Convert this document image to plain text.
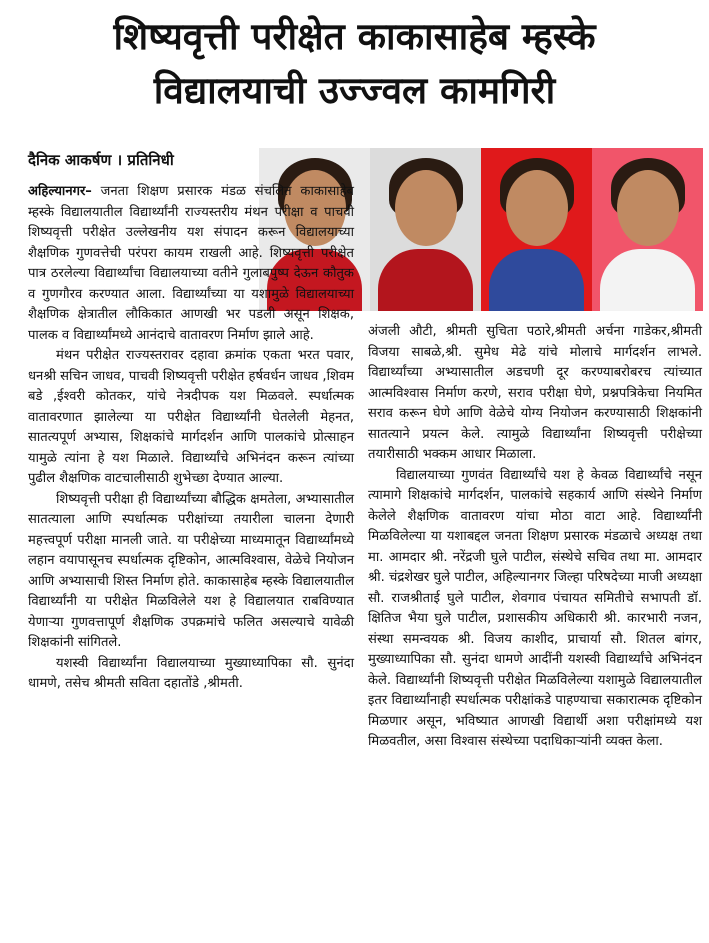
शिष्यवृत्ती परीक्षेत काकासाहेब म्हस्के
विद्यालयाची उज्ज्वल कामगिरी
दैनिक आकर्षण । प्रतिनिधी

अहिल्यानगर– जनता शिक्षण प्रसारक मंडळ संचलित काकासाहेब म्हस्के विद्यालयातील विद्यार्थ्यांनी राज्यस्तरीय मंथन परीक्षा व पाचवी शिष्यवृत्ती परीक्षेत उल्लेखनीय यश संपादन करून विद्यालयाच्या शैक्षणिक गुणवत्तेची परंपरा कायम राखली आहे. शिष्यवृत्ती परीक्षेत पात्र ठरलेल्या विद्यार्थ्यांचा विद्यालयाच्या वतीने गुलाबपुष्प देऊन कौतुक व गुणगौरव करण्यात आला. विद्यार्थ्यांच्या या यशामुळे विद्यालयाच्या शैक्षणिक क्षेत्रातील लौकिकात आणखी भर पडली असून शिक्षक, पालक व विद्यार्थ्यांमध्ये आनंदाचे वातावरण निर्माण झाले आहे.

मंथन परीक्षेत राज्यस्तरावर दहावा क्रमांक एकता भरत पवार, धनश्री सचिन जाधव, पाचवी शिष्यवृत्ती परीक्षेत हर्षवर्धन जाधव ,शिवम बडे ,ईश्वरी कोतकर, यांचे नेत्रदीपक यश मिळवले. स्पर्धात्मक वातावरणात झालेल्या या परीक्षेत विद्यार्थ्यांनी घेतलेली मेहनत, सातत्यपूर्ण अभ्यास, शिक्षकांचे मार्गदर्शन आणि पालकांचे प्रोत्साहन यामुळे त्यांना हे यश मिळाले. विद्यार्थ्यांचे अभिनंदन करून त्यांच्या पुढील शैक्षणिक वाटचालीसाठी शुभेच्छा देण्यात आल्या.

शिष्यवृत्ती परीक्षा ही विद्यार्थ्यांच्या बौद्धिक क्षमतेला, अभ्यासातील सातत्याला आणि स्पर्धात्मक परीक्षांच्या तयारीला चालना देणारी महत्त्वपूर्ण परीक्षा मानली जाते. या परीक्षेच्या माध्यमातून विद्यार्थ्यांमध्ये लहान वयापासूनच स्पर्धात्मक दृष्टिकोन, आत्मविश्वास, वेळेचे नियोजन आणि अभ्यासाची शिस्त निर्माण होते. काकासाहेब म्हस्के विद्यालयातील विद्यार्थ्यांनी या परीक्षेत मिळविलेले यश हे विद्यालयात राबविण्यात येणाऱ्या गुणवत्तापूर्ण शैक्षणिक उपक्रमांचे फलित असल्याचे यावेळी शिक्षकांनी सांगितले.

यशस्वी विद्यार्थ्यांना विद्यालयाच्या मुख्याध्यापिका सौ. सुनंदा धामणे, तसेच श्रीमती सविता दहातोंडे ,श्रीमती.

अंजली औटी, श्रीमती सुचिता पठारे,श्रीमती अर्चना गाडेकर,श्रीमती विजया साबळे,श्री. सुमेध मेढे यांचे मोलाचे मार्गदर्शन लाभले. विद्यार्थ्यांच्या अभ्यासातील अडचणी दूर करण्याबरोबरच त्यांच्यात आत्मविश्वास निर्माण करणे, सराव परीक्षा घेणे, प्रश्नपत्रिकेचा नियमित सराव करून घेणे आणि वेळेचे योग्य नियोजन करण्यासाठी शिक्षकांनी सातत्याने प्रयत्न केले. त्यामुळे विद्यार्थ्यांना शिष्यवृत्ती परीक्षेच्या तयारीसाठी भक्कम आधार मिळाला.

विद्यालयाच्या गुणवंत विद्यार्थ्यांचे यश हे केवळ विद्यार्थ्यांचे नसून त्यामागे शिक्षकांचे मार्गदर्शन, पालकांचे सहकार्य आणि संस्थेने निर्माण केलेले शैक्षणिक वातावरण यांचा मोठा वाटा आहे. विद्यार्थ्यांनी मिळविलेल्या या यशाबद्दल जनता शिक्षण प्रसारक मंडळाचे अध्यक्ष तथा मा. आमदार श्री. नरेंद्रजी घुले पाटील, संस्थेचे सचिव तथा मा. आमदार श्री. चंद्रशेखर घुले पाटील, अहिल्यानगर जिल्हा परिषदेच्या माजी अध्यक्षा सौ. राजश्रीताई घुले पाटील, शेवगाव पंचायत समितीचे सभापती डॉ. क्षितिज भैया घुले पाटील, प्रशासकीय अधिकारी श्री. कारभारी नजन, संस्था समन्वयक श्री. विजय काशीद, प्राचार्या सौ. शितल बांगर, मुख्याध्यापिका सौ. सुनंदा धामणे आदींनी यशस्वी विद्यार्थ्यांचे अभिनंदन केले. विद्यार्थ्यांनी शिष्यवृत्ती परीक्षेत मिळविलेल्या यशामुळे विद्यालयातील इतर विद्यार्थ्यांनाही स्पर्धात्मक परीक्षांकडे पाहण्याचा सकारात्मक दृष्टिकोन मिळणार असून, भविष्यात आणखी विद्यार्थी अशा परीक्षांमध्ये यश मिळवतील, असा विश्वास संस्थेच्या पदाधिकाऱ्यांनी व्यक्त केला.
